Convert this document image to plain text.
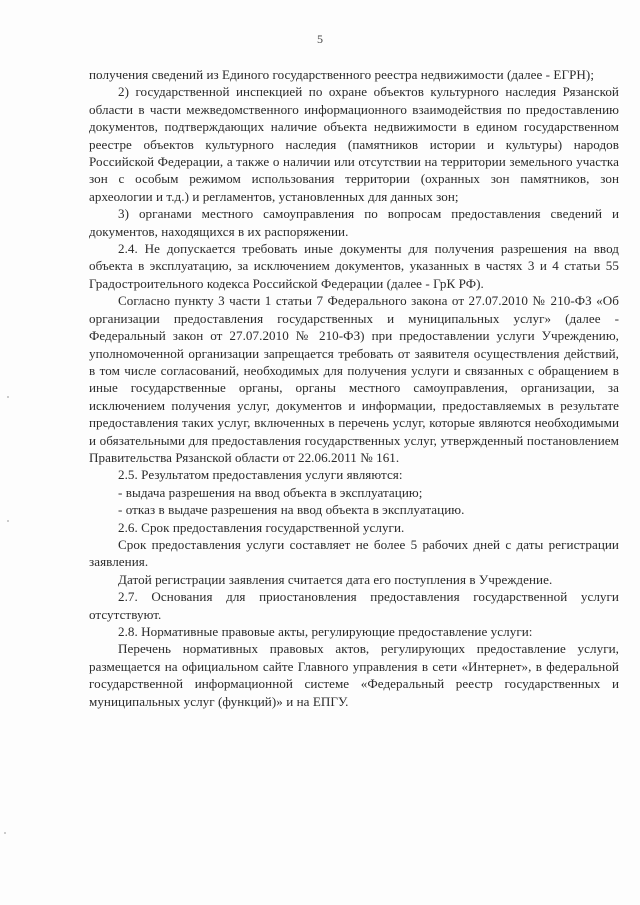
5

получения сведений из Единого государственного реестра недвижимости (далее - ЕГРН);

2) государственной инспекцией по охране объектов культурного наследия Рязанской области в части межведомственного информационного взаимодействия по предоставлению документов, подтверждающих наличие объекта недвижимости в едином государственном реестре объектов культурного наследия (памятников истории и культуры) народов Российской Федерации, а также о наличии или отсутствии на территории земельного участка зон с особым режимом использования территории (охранных зон памятников, зон археологии и т.д.) и регламентов, установленных для данных зон;

3) органами местного самоуправления по вопросам предоставления сведений и документов, находящихся в их распоряжении.

2.4. Не допускается требовать иные документы для получения разрешения на ввод объекта в эксплуатацию, за исключением документов, указанных в частях 3 и 4 статьи 55 Градостроительного кодекса Российской Федерации (далее - ГрК РФ).

Согласно пункту 3 части 1 статьи 7 Федерального закона от 27.07.2010 № 210-ФЗ «Об организации предоставления государственных и муниципальных услуг» (далее - Федеральный закон от 27.07.2010 № 210-ФЗ) при предоставлении услуги Учреждению, уполномоченной организации запрещается требовать от заявителя осуществления действий, в том числе согласований, необходимых для получения услуги и связанных с обращением в иные государственные органы, органы местного самоуправления, организации, за исключением получения услуг, документов и информации, предоставляемых в результате предоставления таких услуг, включенных в перечень услуг, которые являются необходимыми и обязательными для предоставления государственных услуг, утвержденный постановлением Правительства Рязанской области от 22.06.2011 № 161.

2.5. Результатом предоставления услуги являются:

- выдача разрешения на ввод объекта в эксплуатацию;

- отказ в выдаче разрешения на ввод объекта в эксплуатацию.

2.6. Срок предоставления государственной услуги.

Срок предоставления услуги составляет не более 5 рабочих дней с даты регистрации заявления.

Датой регистрации заявления считается дата его поступления в Учреждение.

2.7. Основания для приостановления предоставления государственной услуги отсутствуют.

2.8. Нормативные правовые акты, регулирующие предоставление услуги:

Перечень нормативных правовых актов, регулирующих предоставление услуги, размещается на официальном сайте Главного управления в сети «Интернет», в федеральной государственной информационной системе «Федеральный реестр государственных и муниципальных услуг (функций)» и на ЕПГУ.
